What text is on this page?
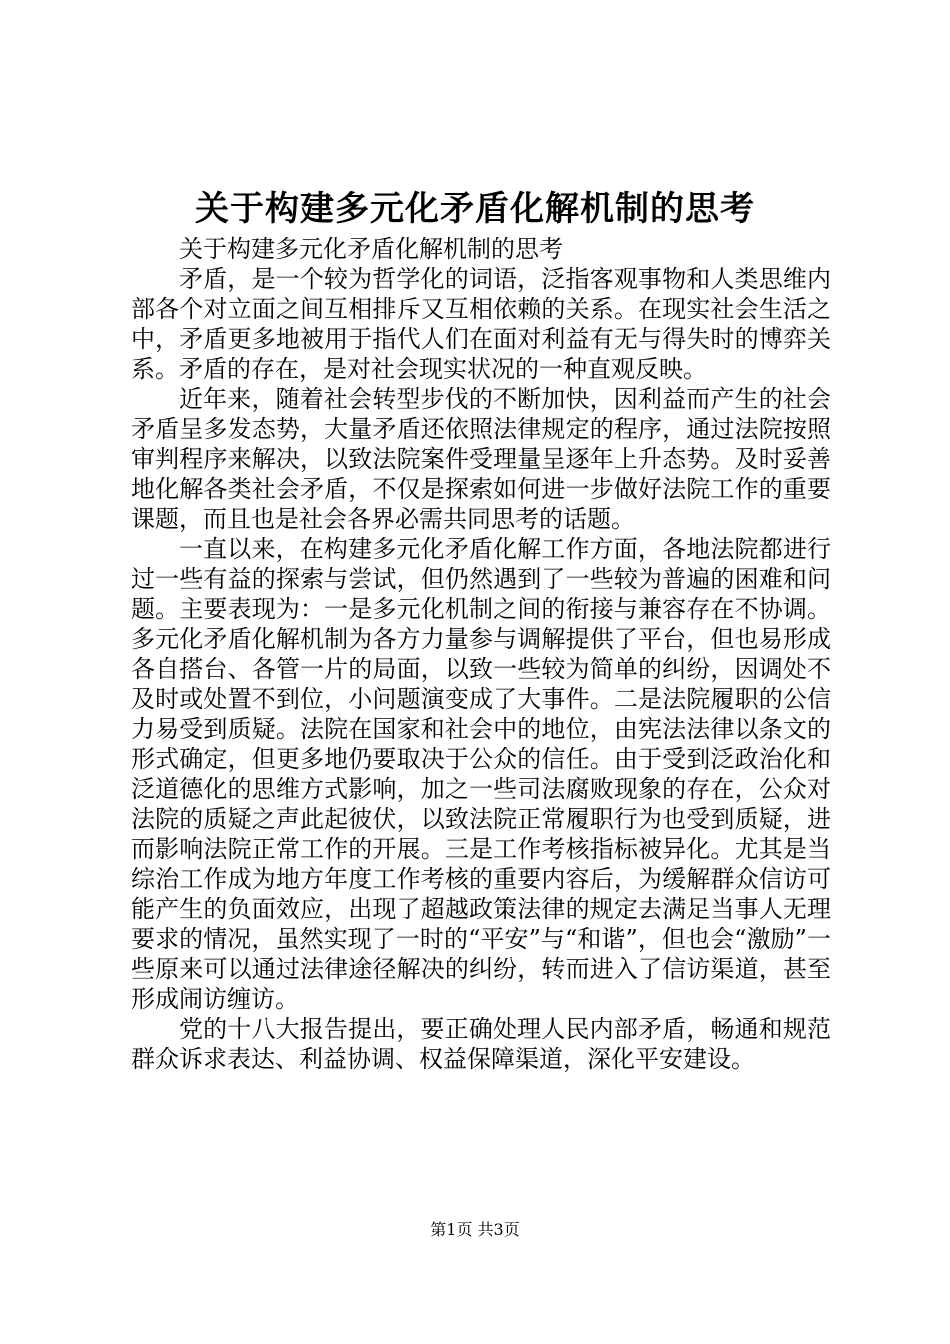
关于构建多元化矛盾化解机制的思考

关于构建多元化矛盾化解机制的思考

矛盾，是一个较为哲学化的词语，泛指客观事物和人类思维内部各个对立面之间互相排斥又互相依赖的关系。在现实社会生活之中，矛盾更多地被用于指代人们在面对利益有无与得失时的博弈关系。矛盾的存在，是对社会现实状况的一种直观反映。

近年来，随着社会转型步伐的不断加快，因利益而产生的社会矛盾呈多发态势，大量矛盾还依照法律规定的程序，通过法院按照审判程序来解决，以致法院案件受理量呈逐年上升态势。及时妥善地化解各类社会矛盾，不仅是探索如何进一步做好法院工作的重要课题，而且也是社会各界必需共同思考的话题。

一直以来，在构建多元化矛盾化解工作方面，各地法院都进行过一些有益的探索与尝试，但仍然遇到了一些较为普遍的困难和问题。主要表现为：一是多元化机制之间的衔接与兼容存在不协调。多元化矛盾化解机制为各方力量参与调解提供了平台，但也易形成各自搭台、各管一片的局面，以致一些较为简单的纠纷，因调处不及时或处置不到位，小问题演变成了大事件。二是法院履职的公信力易受到质疑。法院在国家和社会中的地位，由宪法法律以条文的形式确定，但更多地仍要取决于公众的信任。由于受到泛政治化和泛道德化的思维方式影响，加之一些司法腐败现象的存在，公众对法院的质疑之声此起彼伏，以致法院正常履职行为也受到质疑，进而影响法院正常工作的开展。三是工作考核指标被异化。尤其是当综治工作成为地方年度工作考核的重要内容后，为缓解群众信访可能产生的负面效应，出现了超越政策法律的规定去满足当事人无理要求的情况，虽然实现了一时的“平安”与“和谐”，但也会“激励”一些原来可以通过法律途径解决的纠纷，转而进入了信访渠道，甚至形成闹访缠访。

党的十八大报告提出，要正确处理人民内部矛盾，畅通和规范群众诉求表达、利益协调、权益保障渠道，深化平安建设。

第1页 共3页
